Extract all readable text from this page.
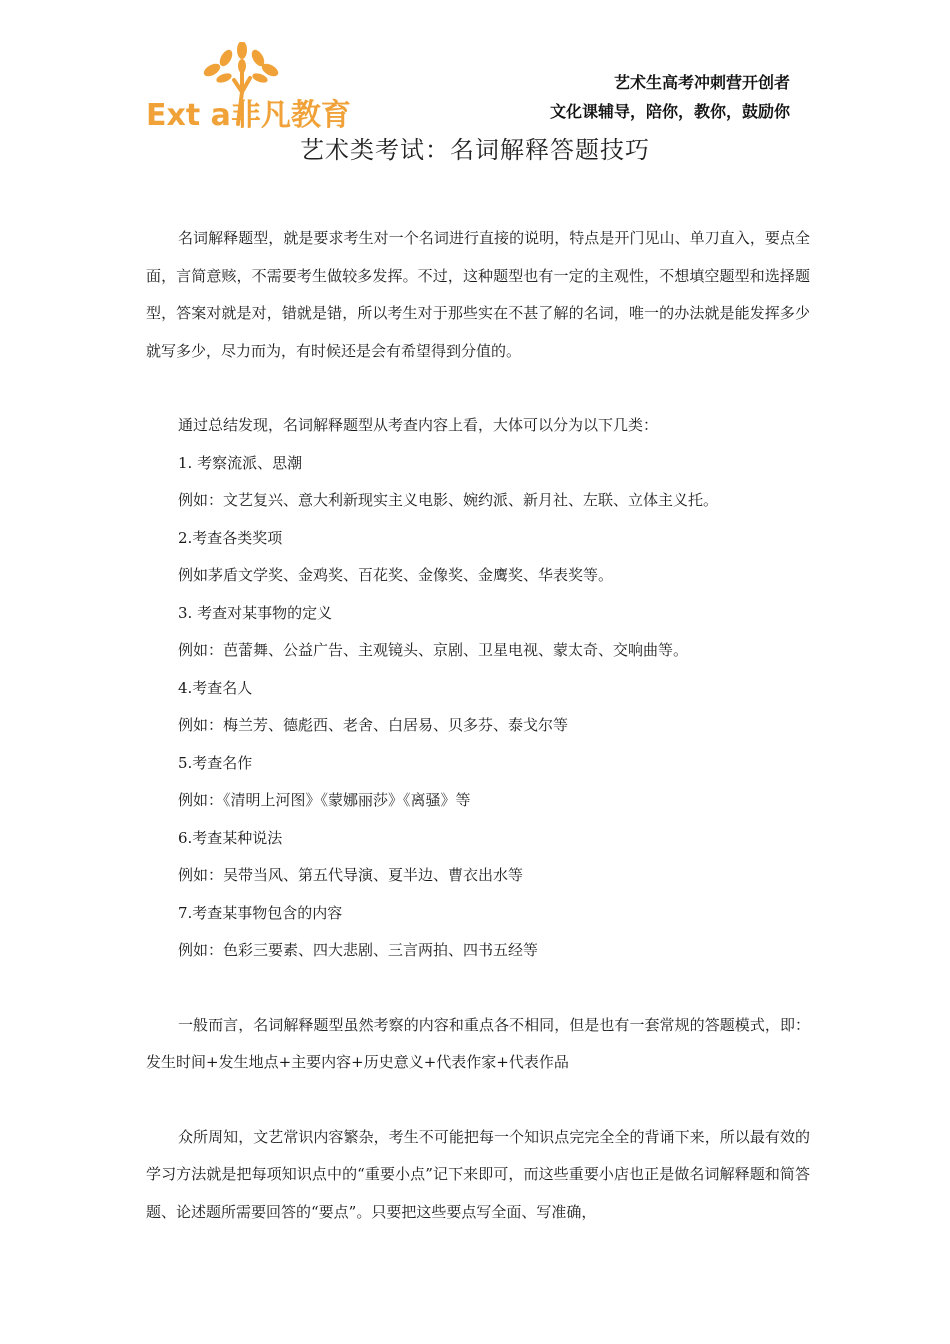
Ext a非凡教育
艺术生高考冲刺营开创者
文化课辅导，陪你，教你，鼓励你
艺术类考试：名词解释答题技巧

名词解释题型，就是要求考生对一个名词进行直接的说明，特点是开门见山、单刀直入，要点全面，言简意赅，不需要考生做较多发挥。不过，这种题型也有一定的主观性，不想填空题型和选择题型，答案对就是对，错就是错，所以考生对于那些实在不甚了解的名词，唯一的办法就是能发挥多少就写多少，尽力而为，有时候还是会有希望得到分值的。

通过总结发现，名词解释题型从考查内容上看，大体可以分为以下几类：

1. 考察流派、思潮

例如：文艺复兴、意大利新现实主义电影、婉约派、新月社、左联、立体主义托。

2.考查各类奖项

例如茅盾文学奖、金鸡奖、百花奖、金像奖、金鹰奖、华表奖等。

3. 考查对某事物的定义

例如：芭蕾舞、公益广告、主观镜头、京剧、卫星电视、蒙太奇、交响曲等。

4.考查名人

例如：梅兰芳、德彪西、老舍、白居易、贝多芬、泰戈尔等

5.考查名作

例如：《清明上河图》《蒙娜丽莎》《离骚》等

6.考查某种说法

例如：吴带当风、第五代导演、夏半边、曹衣出水等

7.考查某事物包含的内容

例如：色彩三要素、四大悲剧、三言两拍、四书五经等

一般而言，名词解释题型虽然考察的内容和重点各不相同，但是也有一套常规的答题模式，即：发生时间+发生地点+主要内容+历史意义+代表作家+代表作品

众所周知，文艺常识内容繁杂，考生不可能把每一个知识点完完全全的背诵下来，所以最有效的学习方法就是把每项知识点中的“重要小点”记下来即可，而这些重要小店也正是做名词解释题和简答题、论述题所需要回答的“要点”。只要把这些要点写全面、写准确，
